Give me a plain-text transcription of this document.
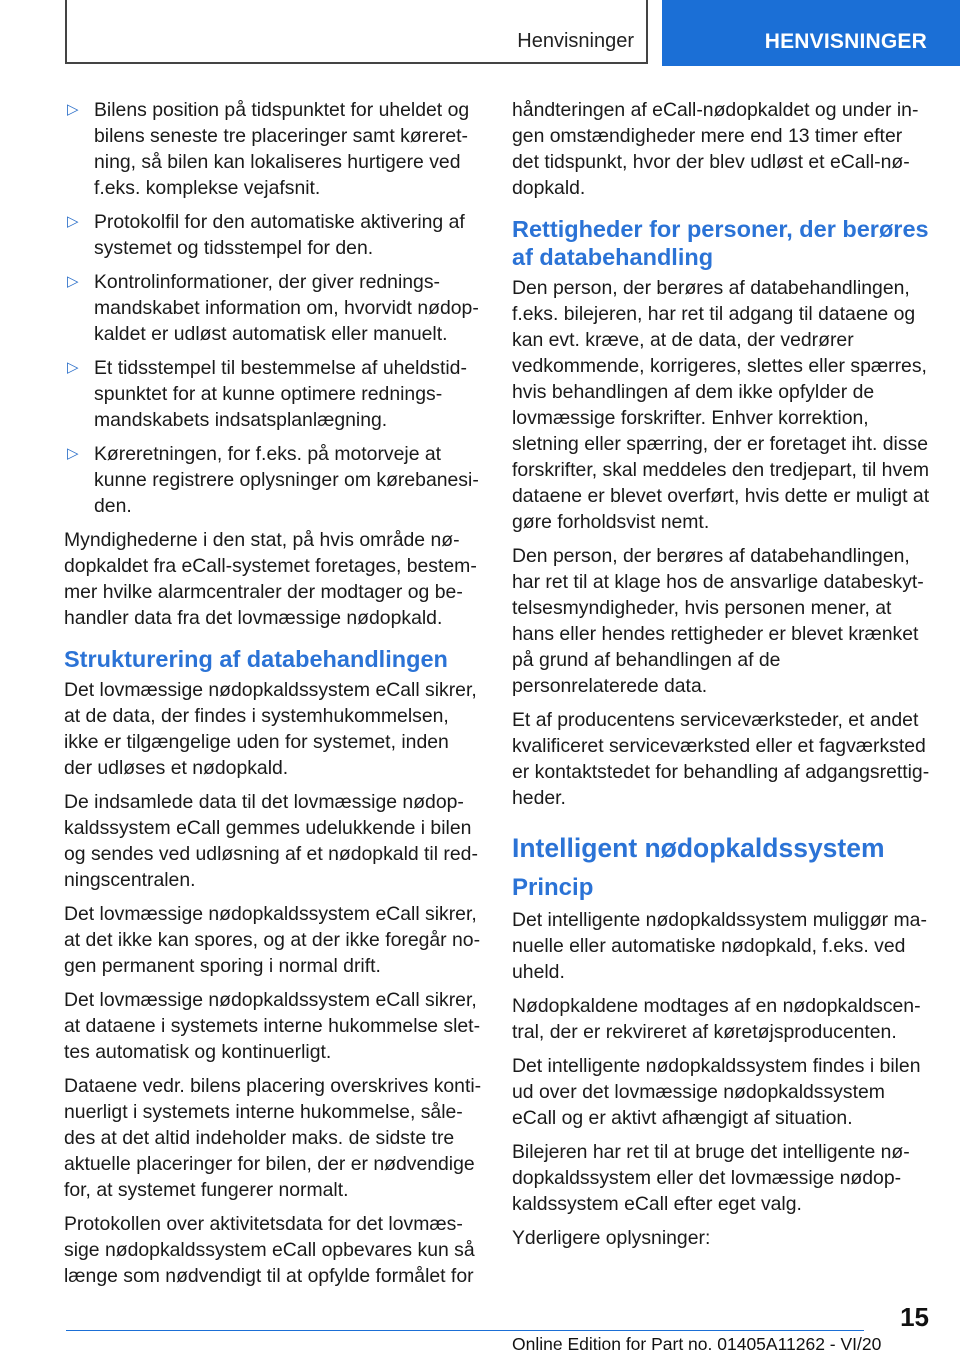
Henvisninger	HENVISNINGER
▷ Bilens position på tidspunktet for uheldet og bilens seneste tre placeringer samt køreretning, så bilen kan lokaliseres hurtigere ved f.eks. komplekse vejafsnit.
▷ Protokolfil for den automatiske aktivering af systemet og tidsstempel for den.
▷ Kontrolinformationer, der giver redningsmandskabet information om, hvorvidt nødopkaldet er udløst automatisk eller manuelt.
▷ Et tidsstempel til bestemmelse af uheldstidspunktet for at kunne optimere redningsmandskabets indsatsplanlægning.
▷ Køreretningen, for f.eks. på motorveje at kunne registrere oplysninger om kørebanesiden.

Myndighederne i den stat, på hvis område nødopkaldet fra eCall-systemet foretages, bestemmer hvilke alarmcentraler der modtager og behandler data fra det lovmæssige nødopkald.

Strukturering af databehandlingen

Det lovmæssige nødopkaldssystem eCall sikrer, at de data, der findes i systemhukommelsen, ikke er tilgængelige uden for systemet, inden der udløses et nødopkald.

De indsamlede data til det lovmæssige nødopkaldssystem eCall gemmes udelukkende i bilen og sendes ved udløsning af et nødopkald til redningscentralen.

Det lovmæssige nødopkaldssystem eCall sikrer, at det ikke kan spores, og at der ikke foregår nogen permanent sporing i normal drift.

Det lovmæssige nødopkaldssystem eCall sikrer, at dataene i systemets interne hukommelse slettes automatisk og kontinuerligt.

Dataene vedr. bilens placering overskrives kontinuerligt i systemets interne hukommelse, således at det altid indeholder maks. de sidste tre aktuelle placeringer for bilen, der er nødvendige for, at systemet fungerer normalt.

Protokollen over aktivitetsdata for det lovmæssige nødopkaldssystem eCall opbevares kun så længe som nødvendigt til at opfylde formålet for

håndteringen af eCall-nødopkaldet og under ingen omstændigheder mere end 13 timer efter det tidspunkt, hvor der blev udløst et eCall-nødopkald.

Rettigheder for personer, der berøres af databehandling

Den person, der berøres af databehandlingen, f.eks. bilejeren, har ret til adgang til dataene og kan evt. kræve, at de data, der vedrører vedkommende, korrigeres, slettes eller spærres, hvis behandlingen af dem ikke opfylder de lovmæssige forskrifter. Enhver korrektion, sletning eller spærring, der er foretaget iht. disse forskrifter, skal meddeles den tredjepart, til hvem dataene er blevet overført, hvis dette er muligt at gøre forholdsvist nemt.

Den person, der berøres af databehandlingen, har ret til at klage hos de ansvarlige databeskyttelsesmyndigheder, hvis personen mener, at hans eller hendes rettigheder er blevet krænket på grund af behandlingen af de personrelaterede data.

Et af producentens serviceværksteder, et andet kvalificeret serviceværksted eller et fagværksted er kontaktstedet for behandling af adgangsrettigheder.

Intelligent nødopkaldssystem
Princip

Det intelligente nødopkaldssystem muliggør manuelle eller automatiske nødopkald, f.eks. ved uheld.

Nødopkaldene modtages af en nødopkaldscentral, der er rekvireret af køretøjsproducenten.

Det intelligente nødopkaldssystem findes i bilen ud over det lovmæssige nødopkaldssystem eCall og er aktivt afhængigt af situation.

Bilejeren har ret til at bruge det intelligente nødopkaldssystem eller det lovmæssige nødopkaldssystem eCall efter eget valg.

Yderligere oplysninger:

15
Online Edition for Part no. 01405A11262 - VI/20
